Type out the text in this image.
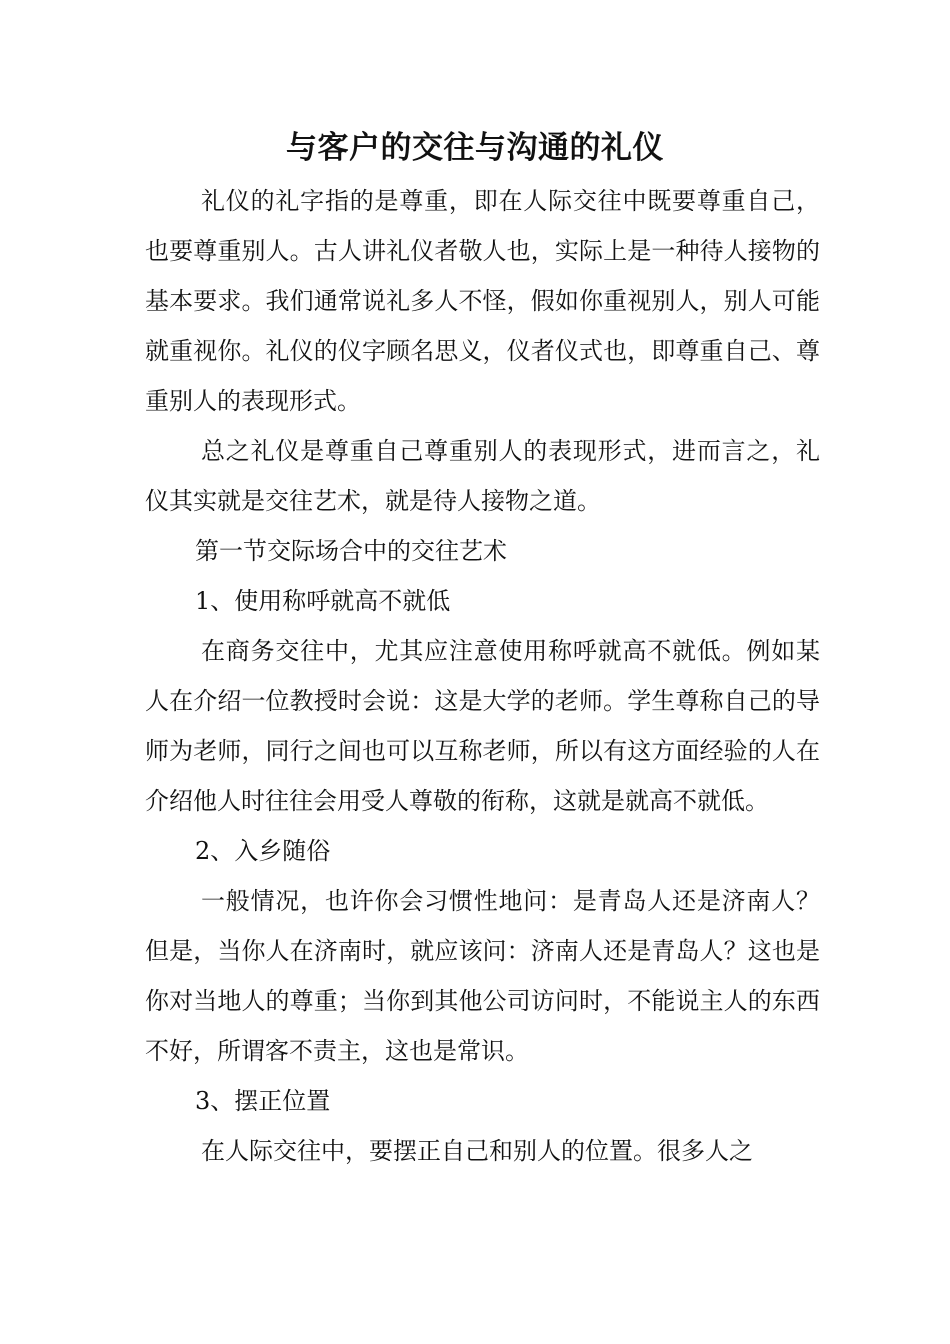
与客户的交往与沟通的礼仪

礼仪的礼字指的是尊重，即在人际交往中既要尊重自己，也要尊重别人。古人讲礼仪者敬人也，实际上是一种待人接物的基本要求。我们通常说礼多人不怪，假如你重视别人，别人可能就重视你。礼仪的仪字顾名思义，仪者仪式也，即尊重自己、尊重别人的表现形式。

总之礼仪是尊重自己尊重别人的表现形式，进而言之，礼仪其实就是交往艺术，就是待人接物之道。

第一节交际场合中的交往艺术

1、使用称呼就高不就低

在商务交往中，尤其应注意使用称呼就高不就低。例如某人在介绍一位教授时会说：这是大学的老师。学生尊称自己的导师为老师，同行之间也可以互称老师，所以有这方面经验的人在介绍他人时往往会用受人尊敬的衔称，这就是就高不就低。

2、入乡随俗

一般情况，也许你会习惯性地问：是青岛人还是济南人？但是，当你人在济南时，就应该问：济南人还是青岛人？这也是你对当地人的尊重；当你到其他公司访问时，不能说主人的东西不好，所谓客不责主，这也是常识。

3、摆正位置

在人际交往中，要摆正自己和别人的位置。很多人之
